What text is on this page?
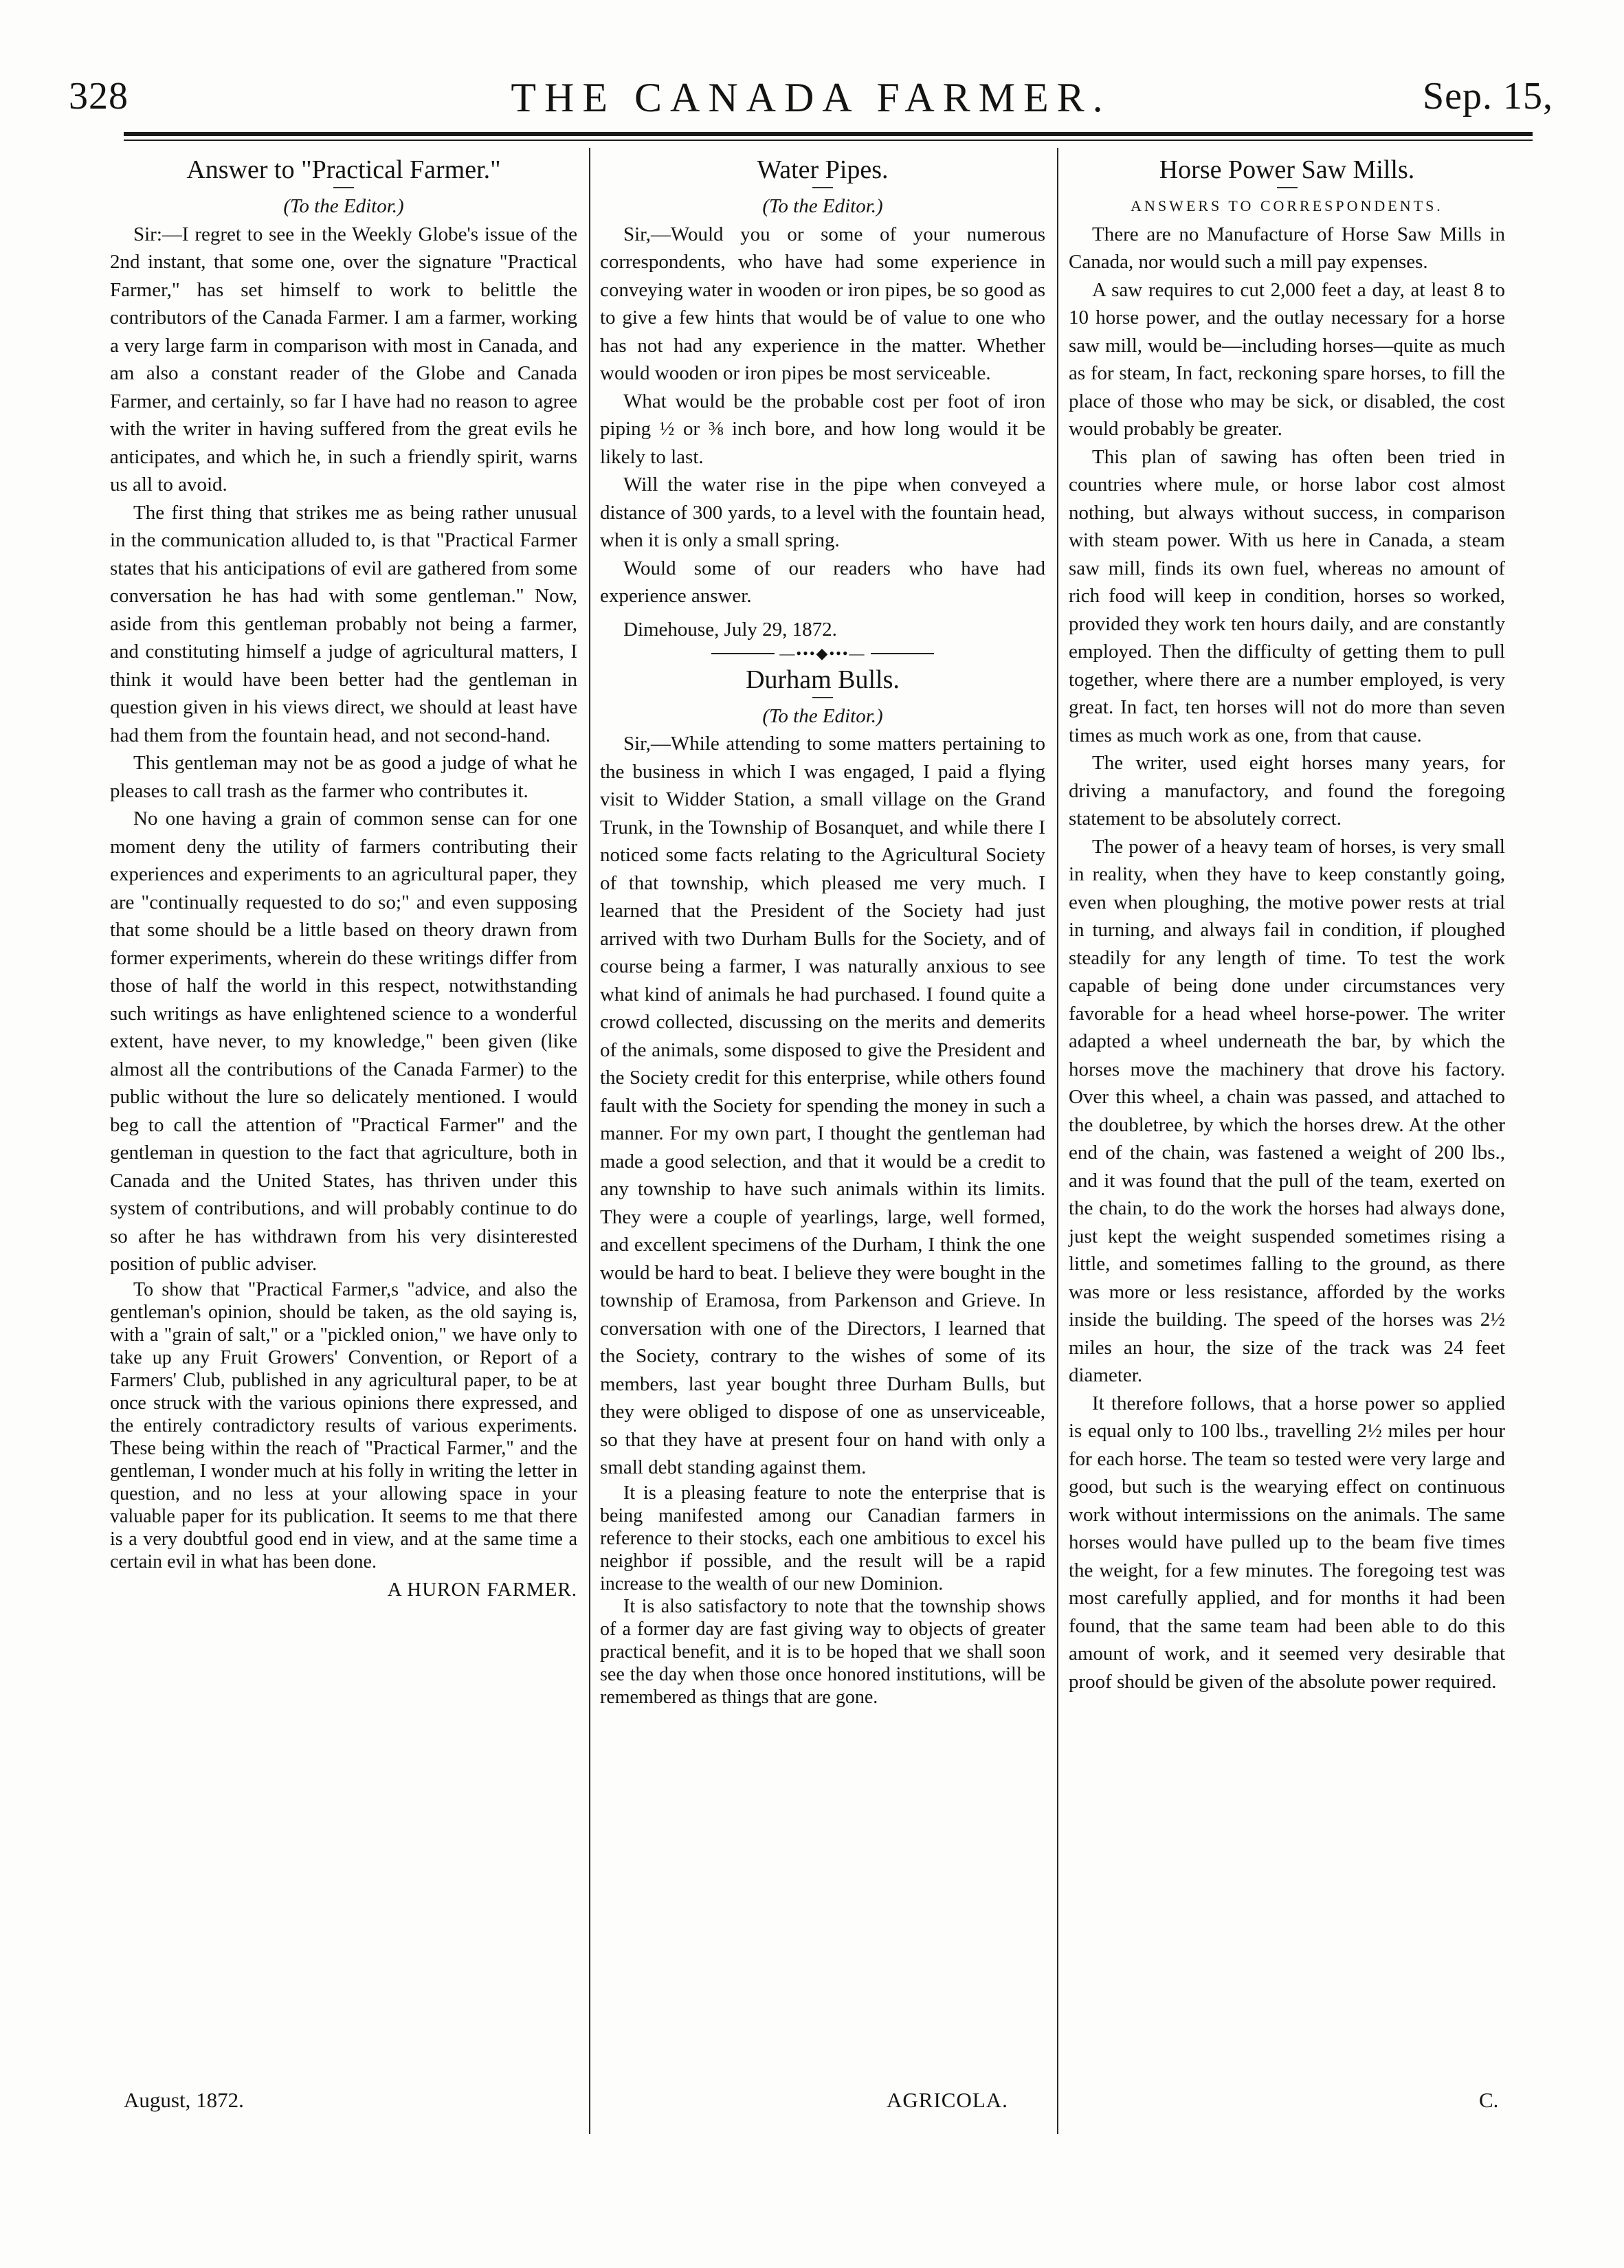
328	THE CANADA FARMER.	Sep. 15,

Answer to "Practical Farmer."

(To the Editor.)

Sir:—I regret to see in the Weekly Globe's issue of the 2nd instant, that some one, over the signature "Practical Farmer," has set himself to work to belittle the contributors of the Canada Farmer. I am a farmer, working a very large farm in comparison with most in Canada, and am also a constant reader of the Globe and Canada Farmer, and certainly, so far I have had no reason to agree with the writer in having suffered from the great evils he anticipates, and which he, in such a friendly spirit, warns us all to avoid.

The first thing that strikes me as being rather unusual in the communication alluded to, is that "Practical Farmer states that his anticipations of evil are gathered from some conversation he has had with some gentleman." Now, aside from this gentleman probably not being a farmer, and constituting himself a judge of agricultural matters, I think it would have been better had the gentleman in question given in his views direct, we should at least have had them from the fountain head, and not second-hand.

This gentleman may not be as good a judge of what he pleases to call trash as the farmer who contributes it.

No one having a grain of common sense can for one moment deny the utility of farmers contributing their experiences and experiments to an agricultural paper, they are "continually requested to do so;" and even supposing that some should be a little based on theory drawn from former experiments, wherein do these writings differ from those of half the world in this respect, notwithstanding such writings as have enlightened science to a wonderful extent, have never, to my knowledge," been given (like almost all the contributions of the Canada Farmer) to the public without the lure so delicately mentioned. I would beg to call the attention of "Practical Farmer" and the gentleman in question to the fact that agriculture, both in Canada and the United States, has thriven under this system of contributions, and will probably continue to do so after he has withdrawn from his very disinterested position of public adviser.

To show that "Practical Farmer,s "advice, and also the gentleman's opinion, should be taken, as the old saying is, with a "grain of salt," or a "pickled onion," we have only to take up any Fruit Growers' Convention, or Report of a Farmers' Club, published in any agricultural paper, to be at once struck with the various opinions there expressed, and the entirely contradictory results of various experiments. These being within the reach of "Practical Farmer," and the gentleman, I wonder much at his folly in writing the letter in question, and no less at your allowing space in your valuable paper for its publication. It seems to me that there is a very doubtful good end in view, and at the same time a certain evil in what has been done.

A HURON FARMER.

Water Pipes.

(To the Editor.)

Sir,—Would you or some of your numerous correspondents, who have had some experience in conveying water in wooden or iron pipes, be so good as to give a few hints that would be of value to one who has not had any experience in the matter. Whether would wooden or iron pipes be most serviceable.

What would be the probable cost per foot of iron piping ½ or ⅜ inch bore, and how long would it be likely to last.

Will the water rise in the pipe when conveyed a distance of 300 yards, to a level with the fountain head, when it is only a small spring.

Would some of our readers who have had experience answer.

Dimehouse, July 29, 1872.

—•••◆•••—

Durham Bulls.

(To the Editor.)

Sir,—While attending to some matters pertaining to the business in which I was engaged, I paid a flying visit to Widder Station, a small village on the Grand Trunk, in the Township of Bosanquet, and while there I noticed some facts relating to the Agricultural Society of that township, which pleased me very much. I learned that the President of the Society had just arrived with two Durham Bulls for the Society, and of course being a farmer, I was naturally anxious to see what kind of animals he had purchased. I found quite a crowd collected, discussing on the merits and demerits of the animals, some disposed to give the President and the Society credit for this enterprise, while others found fault with the Society for spending the money in such a manner. For my own part, I thought the gentleman had made a good selection, and that it would be a credit to any township to have such animals within its limits. They were a couple of yearlings, large, well formed, and excellent specimens of the Durham, I think the one would be hard to beat. I believe they were bought in the township of Eramosa, from Parkenson and Grieve. In conversation with one of the Directors, I learned that the Society, contrary to the wishes of some of its members, last year bought three Durham Bulls, but they were obliged to dispose of one as unserviceable, so that they have at present four on hand with only a small debt standing against them.

It is a pleasing feature to note the enterprise that is being manifested among our Canadian farmers in reference to their stocks, each one ambitious to excel his neighbor if possible, and the result will be a rapid increase to the wealth of our new Dominion.

It is also satisfactory to note that the township shows of a former day are fast giving way to objects of greater practical benefit, and it is to be hoped that we shall soon see the day when those once honored institutions, will be remembered as things that are gone.

Horse Power Saw Mills.

ANSWERS TO CORRESPONDENTS.

There are no Manufacture of Horse Saw Mills in Canada, nor would such a mill pay expenses.

A saw requires to cut 2,000 feet a day, at least 8 to 10 horse power, and the outlay necessary for a horse saw mill, would be—including horses—quite as much as for steam, In fact, reckoning spare horses, to fill the place of those who may be sick, or disabled, the cost would probably be greater.

This plan of sawing has often been tried in countries where mule, or horse labor cost almost nothing, but always without success, in comparison with steam power. With us here in Canada, a steam saw mill, finds its own fuel, whereas no amount of rich food will keep in condition, horses so worked, provided they work ten hours daily, and are constantly employed. Then the difficulty of getting them to pull together, where there are a number employed, is very great. In fact, ten horses will not do more than seven times as much work as one, from that cause.

The writer, used eight horses many years, for driving a manufactory, and found the foregoing statement to be absolutely correct.

The power of a heavy team of horses, is very small in reality, when they have to keep constantly going, even when ploughing, the motive power rests at trial in turning, and always fail in condition, if ploughed steadily for any length of time. To test the work capable of being done under circumstances very favorable for a head wheel horse-power. The writer adapted a wheel underneath the bar, by which the horses move the machinery that drove his factory. Over this wheel, a chain was passed, and attached to the doubletree, by which the horses drew. At the other end of the chain, was fastened a weight of 200 lbs., and it was found that the pull of the team, exerted on the chain, to do the work the horses had always done, just kept the weight suspended sometimes rising a little, and sometimes falling to the ground, as there was more or less resistance, afforded by the works inside the building. The speed of the horses was 2½ miles an hour, the size of the track was 24 feet diameter.

It therefore follows, that a horse power so applied is equal only to 100 lbs., travelling 2½ miles per hour for each horse. The team so tested were very large and good, but such is the wearying effect on continuous work without intermissions on the animals. The same horses would have pulled up to the beam five times the weight, for a few minutes. The foregoing test was most carefully applied, and for months it had been found, that the same team had been able to do this amount of work, and it seemed very desirable that proof should be given of the absolute power required.

August, 1872.	AGRICOLA.	C.
